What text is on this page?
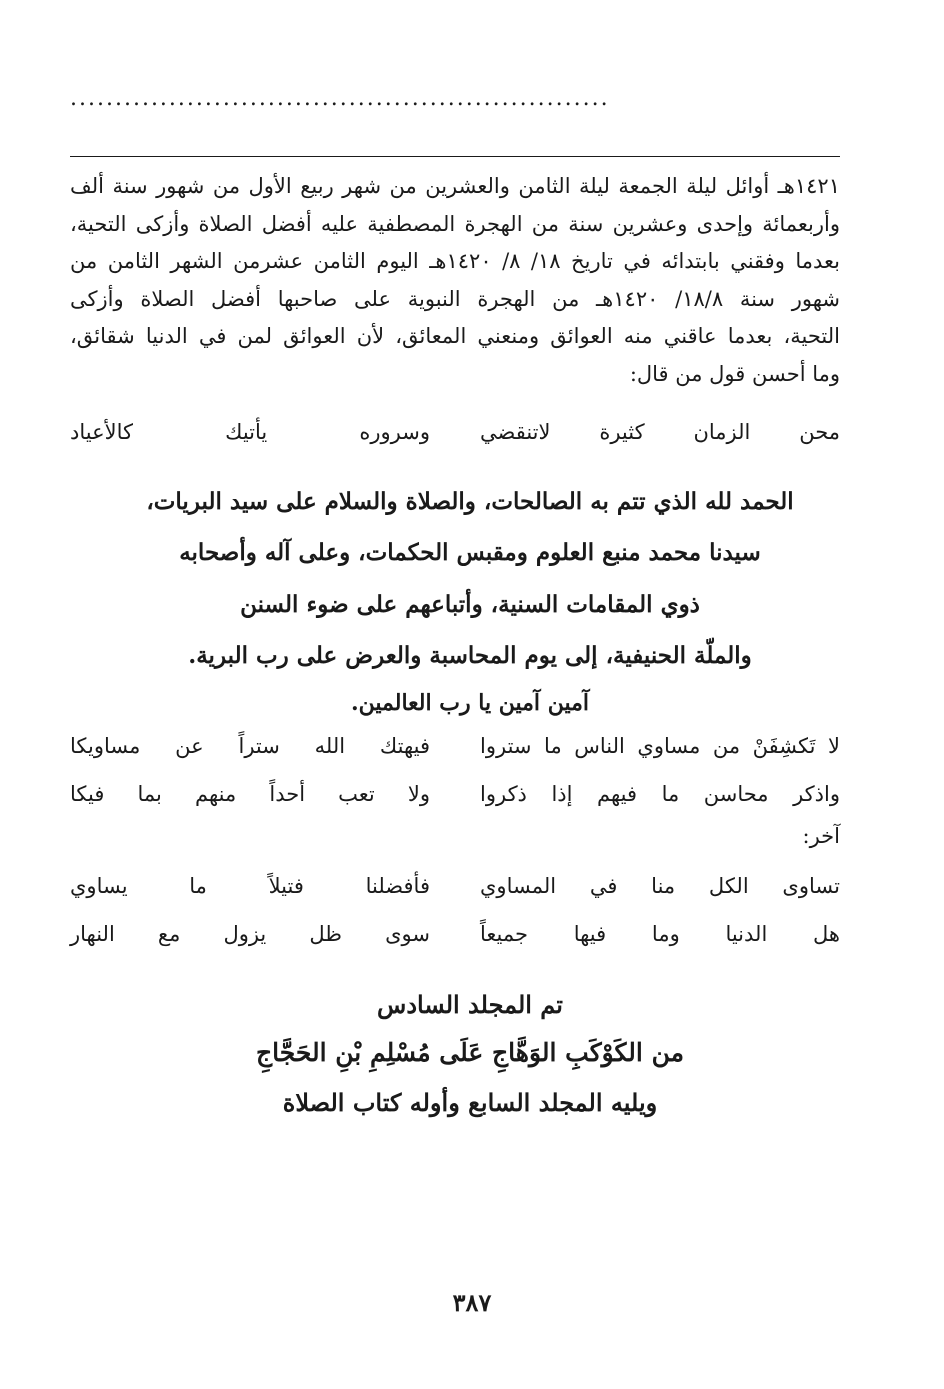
............................................................
١٤٢١هـ أوائل ليلة الجمعة ليلة الثامن والعشرين من شهر ربيع الأول من شهور سنة ألف
وأربعمائة وإحدى وعشرين سنة من الهجرة المصطفية عليه أفضل الصلاة وأزكى التحية،
بعدما وفقني بابتدائه في تاريخ ١٨/ ٨/ ١٤٢٠هـ اليوم الثامن عشرمن الشهر الثامن من
شهور سنة ١٨/٨/ ١٤٢٠هـ من الهجرة النبوية على صاحبها أفضل الصلاة وأزكى
التحية، بعدما عاقني منه العوائق ومنعني المعائق، لأن العوائق لمن في الدنيا شقائق،
وما أحسن قول من قال:
محن الزمان كثيرة لاتنقضي
وسروره يأتيك كالأعياد
الحمد لله الذي تتم به الصالحات، والصلاة والسلام على سيد البريات،
سيدنا محمد منبع العلوم ومقبس الحكمات، وعلى آله وأصحابه
ذوي المقامات السنية، وأتباعهم على ضوء السنن
والملّة الحنيفية، إلى يوم المحاسبة والعرض على رب البرية.
آمين آمين يا رب العالمين.
لا تَكشِفَنْ من مساوي الناس ما ستروا
فيهتك الله ستراً عن مساويكا
واذكر محاسن ما فيهم إذا ذكروا
ولا تعب أحداً منهم بما فيكا
آخر:
تساوى الكل منا في المساوي
فأفضلنا فتيلاً ما يساوي
هل الدنيا وما فيها جميعاً
سوى ظل يزول مع النهار
تم المجلد السادس
من الكَوْكَبِ الوَهَّاجِ عَلَى مُسْلِمِ بْنِ الحَجَّاجِ
ويليه المجلد السابع وأوله كتاب الصلاة
٣٨٧
